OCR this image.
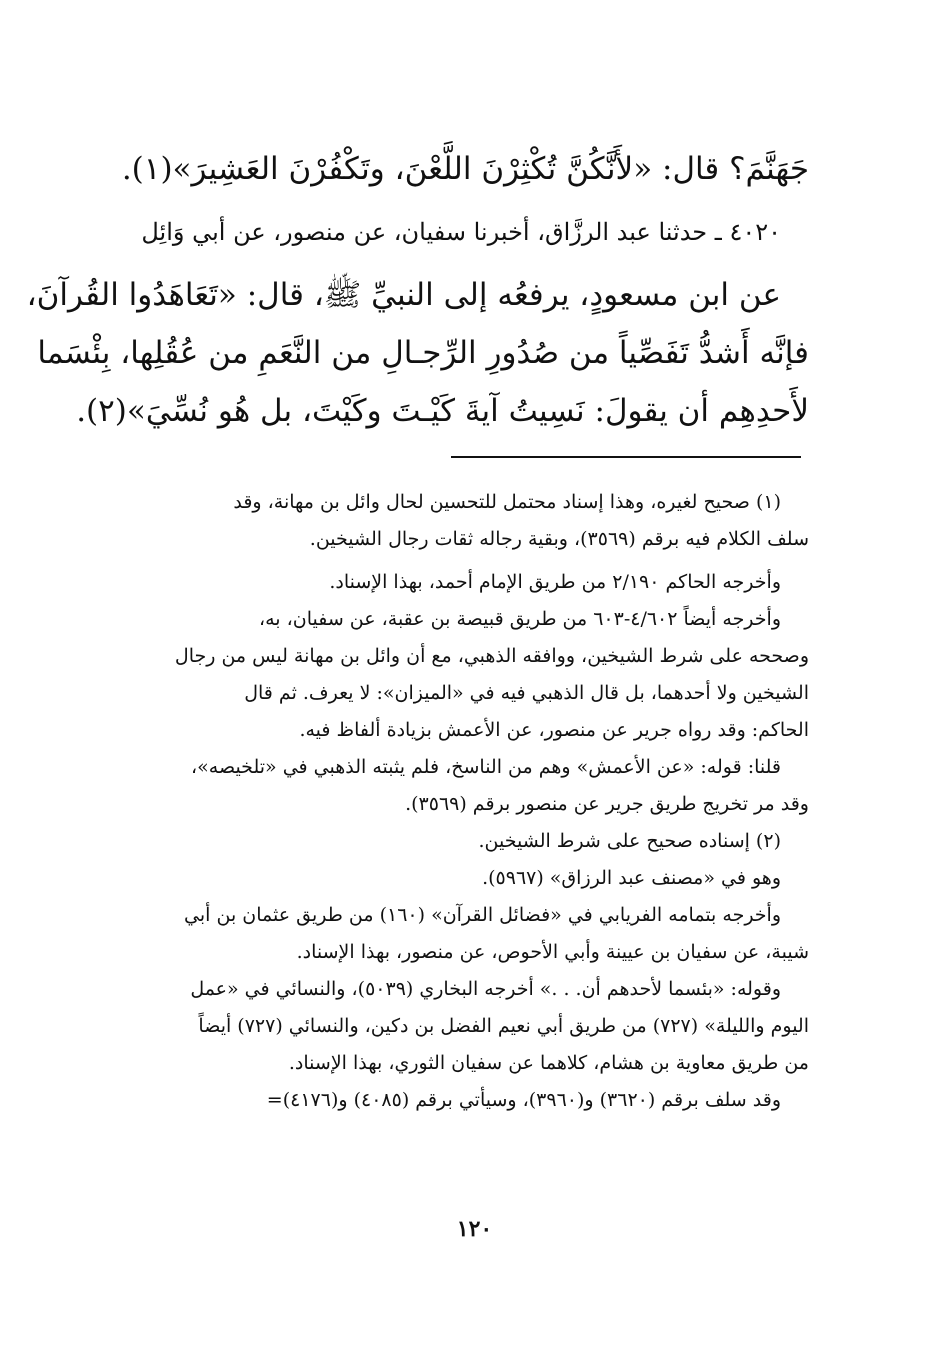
جَهَنَّمَ؟ قال: «لأَنَّكُنَّ تُكْثِرْنَ اللَّعْنَ، وتَكْفُرْنَ العَشِيرَ»(١).

٤٠٢٠ ـ حدثنا عبد الرزَّاق، أخبرنا سفيان، عن منصور، عن أبي وَائِل

عن ابن مسعودٍ، يرفعُه إلى النبيِّ ﷺ، قال: «تَعَاهَدُوا القُرآنَ،

فإنَّه أَشدُّ تَفَصِّياً من صُدُورِ الرِّجـالِ من النَّعَمِ من عُقُلِها، بِئْسَما

لأَحدِهِم أن يقولَ: نَسِيتُ آيةَ كَيْـتَ وكَيْتَ، بل هُو نُسِّيَ»(٢).

(١) صحيح لغيره، وهذا إسناد محتمل للتحسين لحال وائل بن مهانة، وقد

سلف الكلام فيه برقم (٣٥٦٩)، وبقية رجاله ثقات رجال الشيخين.

وأخرجه الحاكم ٢/١٩٠ من طريق الإمام أحمد، بهذا الإسناد.

وأخرجه أيضاً ٤/٦٠٢-٦٠٣ من طريق قبيصة بن عقبة، عن سفيان، به،

وصححه على شرط الشيخين، ووافقه الذهبي، مع أن وائل بن مهانة ليس من رجال

الشيخين ولا أحدهما، بل قال الذهبي فيه في «الميزان»: لا يعرف. ثم قال

الحاكم: وقد رواه جرير عن منصور، عن الأعمش بزيادة ألفاظ فيه.

قلنا: قوله: «عن الأعمش» وهم من الناسخ، فلم يثبته الذهبي في «تلخيصه»،

وقد مر تخريج طريق جرير عن منصور برقم (٣٥٦٩).

(٢) إسناده صحيح على شرط الشيخين.

وهو في «مصنف عبد الرزاق» (٥٩٦٧).

وأخرجه بتمامه الفريابي في «فضائل القرآن» (١٦٠) من طريق عثمان بن أبي

شيبة، عن سفيان بن عيينة وأبي الأحوص، عن منصور، بهذا الإسناد.

وقوله: «بئسما لأحدهم أن. . .» أخرجه البخاري (٥٠٣٩)، والنسائي في «عمل

اليوم والليلة» (٧٢٧) من طريق أبي نعيم الفضل بن دكين، والنسائي (٧٢٧) أيضاً

من طريق معاوية بن هشام، كلاهما عن سفيان الثوري، بهذا الإسناد.

وقد سلف برقم (٣٦٢٠) و(٣٩٦٠)، وسيأتي برقم (٤٠٨٥) و(٤١٧٦)=

١٢٠
